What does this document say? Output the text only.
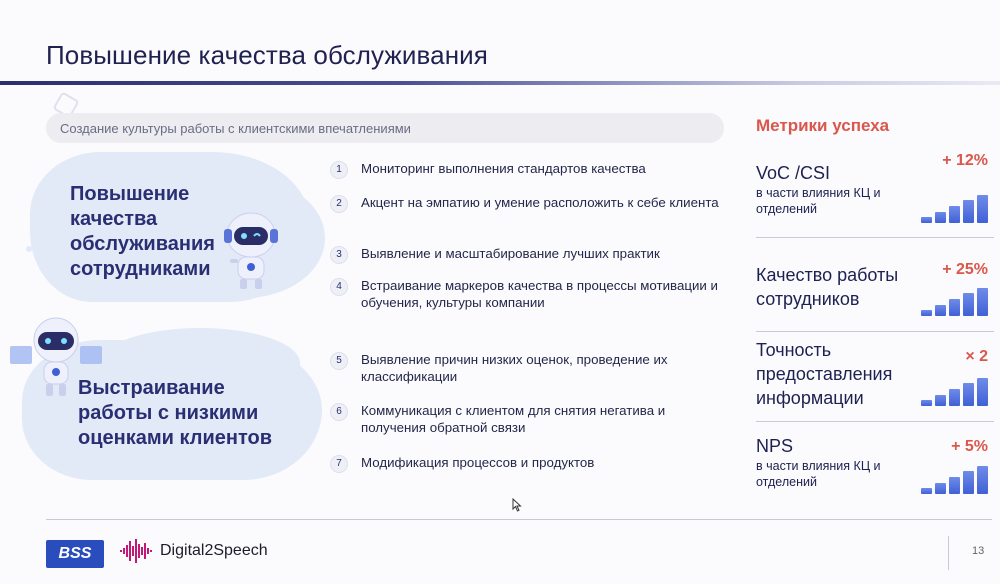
Повышение качества обслуживания
Создание культуры работы с клиентскими впечатлениями
Повышение
качества
обслуживания
сотрудниками
Выстраивание
работы с низкими
оценками клиентов
1	Мониторинг выполнения стандартов качества
2	Акцент на эмпатию и умение расположить к себе клиента
3	Выявление и масштабирование лучших практик
4	Встраивание маркеров качества в процессы мотивации и обучения, культуры компании
5	Выявление причин низких оценок, проведение их классификации
6	Коммуникация с клиентом для снятия негатива и получения обратной связи
7	Модификация процессов и продуктов
Метрики успеха
VoC /CSI
в части влияния КЦ и отделений
+ 12%
Качество работы сотрудников
+ 25%
Точность предоставления информации
× 2
NPS
в части влияния КЦ и отделений
+ 5%
BSS	Digital2Speech	13
